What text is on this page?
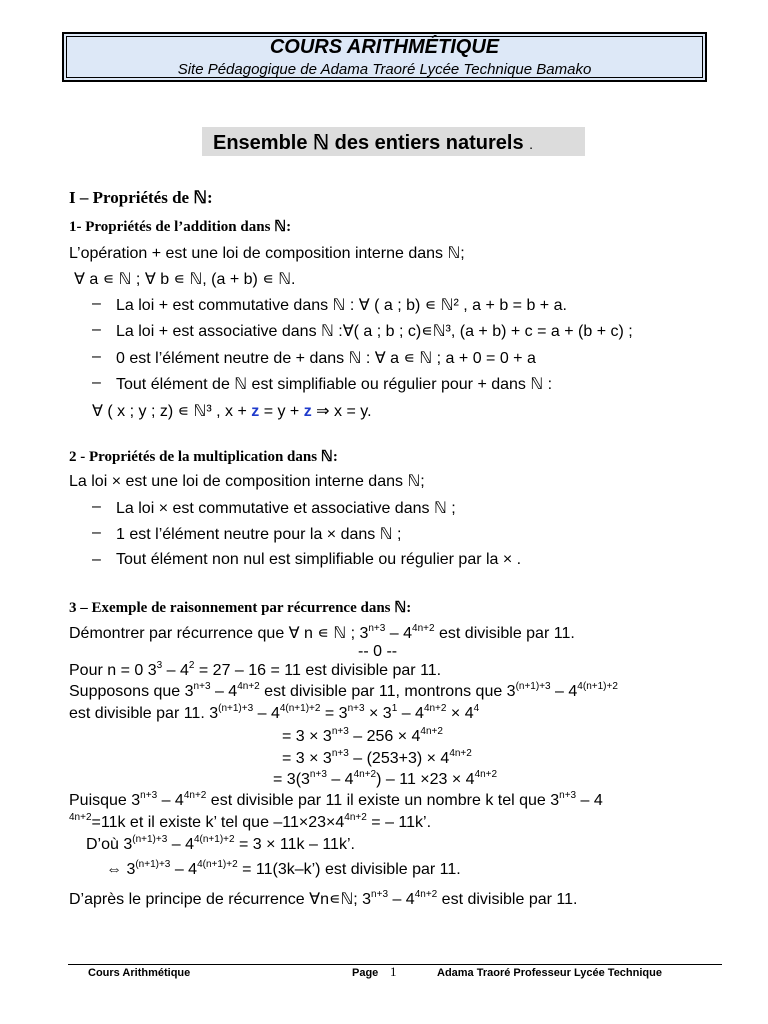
COURS ARITHMÉTIQUE
Site Pédagogique de Adama Traoré Lycée Technique Bamako
Ensemble ℕ des entiers naturels .
I – Propriétés de ℕ:
1- Propriétés de l’addition dans ℕ:
L’opération + est une loi de composition interne dans ℕ;
∀ a ∊ ℕ ; ∀ b ∊ ℕ, (a + b) ∊ ℕ.
– La loi + est commutative dans ℕ : ∀ ( a ; b) ∊ ℕ² , a + b = b + a.
– La loi + est associative dans ℕ :∀( a ; b ; c)∊ℕ³, (a + b) + c = a + (b + c) ;
– 0 est l’élément neutre de + dans ℕ : ∀ a ∊ ℕ ; a + 0 = 0 + a
– Tout élément de ℕ est simplifiable ou régulier pour + dans ℕ :
∀ ( x ; y ; z) ∊ ℕ³ , x + z = y + z ⇒ x = y.
2 - Propriétés de la multiplication dans ℕ:
La loi × est une loi de composition interne dans ℕ;
– La loi × est commutative et associative dans ℕ ;
– 1 est l’élément neutre pour la × dans ℕ ;
– Tout élément non nul est simplifiable ou régulier par la × .
3 – Exemple de raisonnement par récurrence dans ℕ:
Démontrer par récurrence que ∀ n ∊ ℕ ; $3^{n+3} - 4^{4n+2}$ est divisible par 11.
-- 0 --
Pour n = 0 $3^3 - 4^2 = 27 - 16 = 11$ est divisible par 11.
Supposons que $3^{n+3} - 4^{4n+2}$ est divisible par 11, montrons que $3^{(n+1)+3} - 4^{4(n+1)+2}$
est divisible par 11. $3^{(n+1)+3} - 4^{4(n+1)+2} = 3^{n+3} \times 3^1 - 4^{4n+2} \times 4^4$
= $3 \times 3^{n+3} - 256 \times 4^{4n+2}$
= $3 \times 3^{n+3} - (253+3) \times 4^{4n+2}$
= $3(3^{n+3} - 4^{4n+2}) - 11 \times 23 \times 4^{4n+2}$
Puisque $3^{n+3} - 4^{4n+2}$ est divisible par 11 il existe un nombre k tel que $3^{n+3} - 4$
$^{4n+2}$=11k et il existe k’ tel que $-11\times 23\times 4^{4n+2}$ = – 11k’.
D’où $3^{(n+1)+3} - 4^{4(n+1)+2} = 3 \times 11k - 11k$’.
⇔ $3^{(n+1)+3} - 4^{4(n+1)+2}$ = 11(3k–k’) est divisible par 11.
D’après le principe de récurrence ∀n∊ℕ; $3^{n+3} - 4^{4n+2}$ est divisible par 11.
Cours Arithmétique	Page 1	Adama Traoré Professeur Lycée Technique
